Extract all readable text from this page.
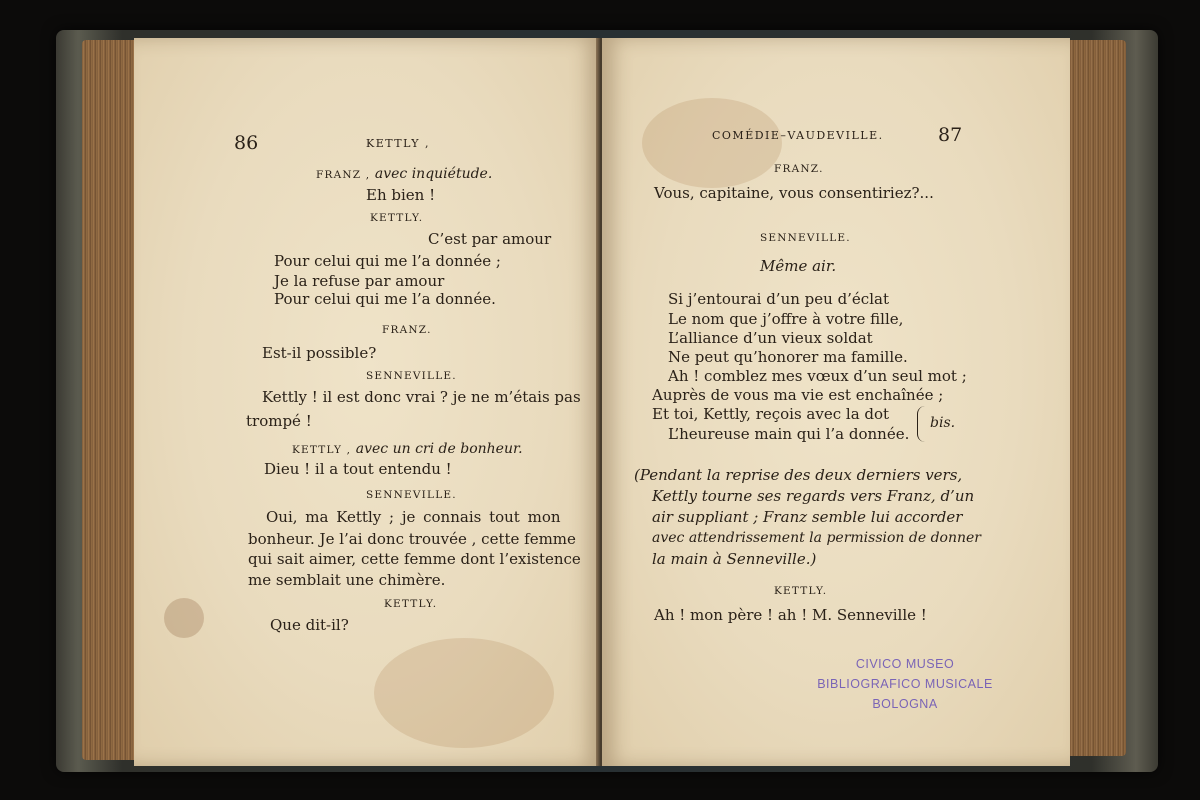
86	KETTLY ,
FRANZ , avec inquiétude.
Eh bien !
KETTLY.
C’est par amour
Pour celui qui me l’a donnée ;
Je la refuse par amour
Pour celui qui me l’a donnée.
FRANZ.
Est-il possible?
SENNEVILLE.
Kettly ! il est donc vrai ? je ne m’étais pas
trompé !
KETTLY , avec un cri de bonheur.
Dieu ! il a tout entendu !
SENNEVILLE.
Oui, ma Kettly ; je connais tout mon
bonheur. Je l’ai donc trouvée , cette femme
qui sait aimer, cette femme dont l’existence
me semblait une chimère.
KETTLY.
Que dit-il?
COMÉDIE–VAUDEVILLE.	87
FRANZ.
Vous, capitaine, vous consentiriez?...
SENNEVILLE.
Même air.
Si j’entourai d’un peu d’éclat
Le nom que j’offre à votre fille,
L’alliance d’un vieux soldat
Ne peut qu’honorer ma famille.
Ah ! comblez mes vœux d’un seul mot ;
Auprès de vous ma vie est enchaînée ;
Et toi, Kettly, reçois avec la dot
L’heureuse main qui l’a donnée.
(Pendant la reprise des deux derniers vers,
Kettly tourne ses regards vers Franz, d’un
air suppliant ; Franz semble lui accorder
avec attendrissement la permission de donner
la main à Senneville.)
KETTLY.
Ah ! mon père ! ah ! M. Senneville !
bis.
CIVICO MUSEO
BIBLIOGRAFICO MUSICALE
BOLOGNA
